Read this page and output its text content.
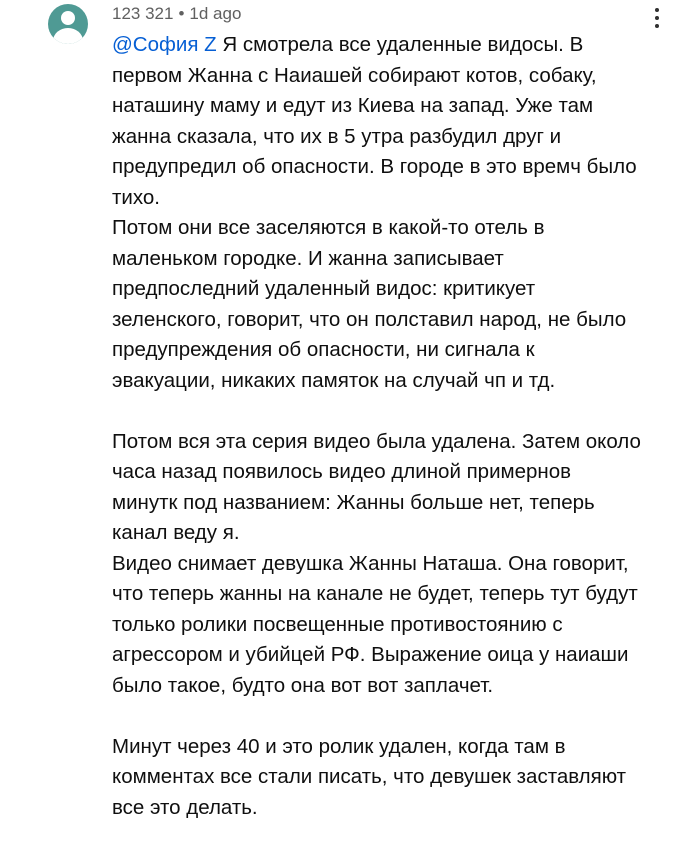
123 321 • 1d ago

@София Z Я смотрела все удаленные видосы. В
первом Жанна с Наиашей собирают котов, собаку,
наташину маму и едут из Киева на запад. Уже там
жанна сказала, что их в 5 утра разбудил друг и
предупредил об опасности. В городе в это времч было
тихо.
Потом они все заселяются в какой-то отель в
маленьком городке. И жанна записывает
предпоследний удаленный видос: критикует
зеленского, говорит, что он полставил народ, не было
предупреждения об опасности, ни сигнала к
эвакуации, никаких памяток на случай чп и тд.

Потом вся эта серия видео была удалена. Затем около
часа назад появилось видео длиной примернов
минутк под названием: Жанны больше нет, теперь
канал веду я.
Видео снимает девушка Жанны Наташа. Она говорит,
что теперь жанны на канале не будет, теперь тут будут
только ролики посвещенные противостоянию с
агрессором и убийцей РФ. Выражение оица у наиаши
было такое, будто она вот вот заплачет.

Минут через 40 и это ролик удален, когда там в
комментах все стали писать, что девушек заставляют
все это делать.
